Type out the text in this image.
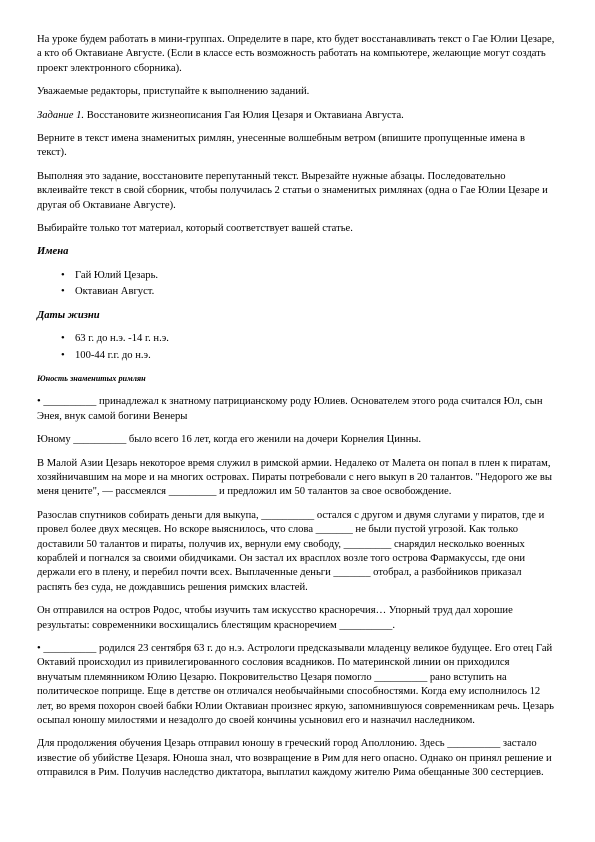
На уроке будем работать в мини-группах. Определите в паре, кто будет восстанавливать текст о Гае Юлии Цезаре, а кто об Октавиане Августе. (Если в классе есть возможность работать на компьютере, желающие могут создать проект электронного сборника).

Уважаемые редакторы, приступайте к выполнению заданий.

Задание 1. Восстановите жизнеописания Гая Юлия Цезаря и Октавиана Августа.

Верните в текст имена знаменитых римлян, унесенные волшебным ветром (впишите пропущенные имена в текст).

Выполняя это задание, восстановите перепутанный текст. Вырезайте нужные абзацы. Последовательно вклеивайте текст в свой сборник, чтобы получилась 2 статьи о знаменитых римлянах (одна о Гае Юлии Цезаре и другая об Октавиане Августе).

Выбирайте только тот материал, который соответствует вашей статье.

Имена

• Гай Юлий Цезарь.
• Октавиан Август.

Даты жизни

• 63 г. до н.э. -14 г. н.э.
• 100-44 г.г. до н.э.

Юность знаменитых римлян

• __________ принадлежал к знатному патрицианскому роду Юлиев. Основателем этого рода считался Юл, сын Энея, внук самой богини Венеры

Юному __________ было всего 16 лет, когда его женили на дочери Корнелия Цинны.

В Малой Азии Цезарь некоторое время служил в римской армии. Недалеко от Малета он попал в плен к пиратам, хозяйничавшим на море и на многих островах. Пираты потребовали с него выкуп в 20 талантов. "Недорого же вы меня цените", — рассмеялся _________ и предложил им 50 талантов за свое освобождение.

Разослав спутников собирать деньги для выкупа, __________ остался с другом и двумя слугами у пиратов, где и провел более двух месяцев. Но вскоре выяснилось, что слова _______ не были пустой угрозой. Как только доставили 50 талантов и пираты, получив их, вернули ему свободу, _________ снарядил несколько военных кораблей и погнался за своими обидчиками. Он застал их врасплох возле того острова Фармакуссы, где они держали его в плену, и перебил почти всех. Выплаченные деньги _______ отобрал, а разбойников приказал распять без суда, не дождавшись решения римских властей.

Он отправился на остров Родос, чтобы изучить там искусство красноречия… Упорный труд дал хорошие результаты: современники восхищались блестящим красноречием __________.

• __________ родился 23 сентября 63 г. до н.э. Астрологи предсказывали младенцу великое будущее. Его отец Гай Октавий происходил из привилегированного сословия всадников. По материнской линии он приходился внучатым племянником Юлию Цезарю. Покровительство Цезаря помогло __________ рано вступить на политическое поприще. Еще в детстве он отличался необычайными способностями. Когда ему исполнилось 12 лет, во время похорон своей бабки Юлии Октавиан произнес яркую, запомнившуюся современникам речь. Цезарь осыпал юношу милостями и незадолго до своей кончины усыновил его и назначил наследником.

Для продолжения обучения Цезарь отправил юношу в греческий город Аполлонию. Здесь __________ застало известие об убийстве Цезаря. Юноша знал, что возвращение в Рим для него опасно. Однако он принял решение и отправился в Рим. Получив наследство диктатора, выплатил каждому жителю Рима обещанные 300 сестерциев.
